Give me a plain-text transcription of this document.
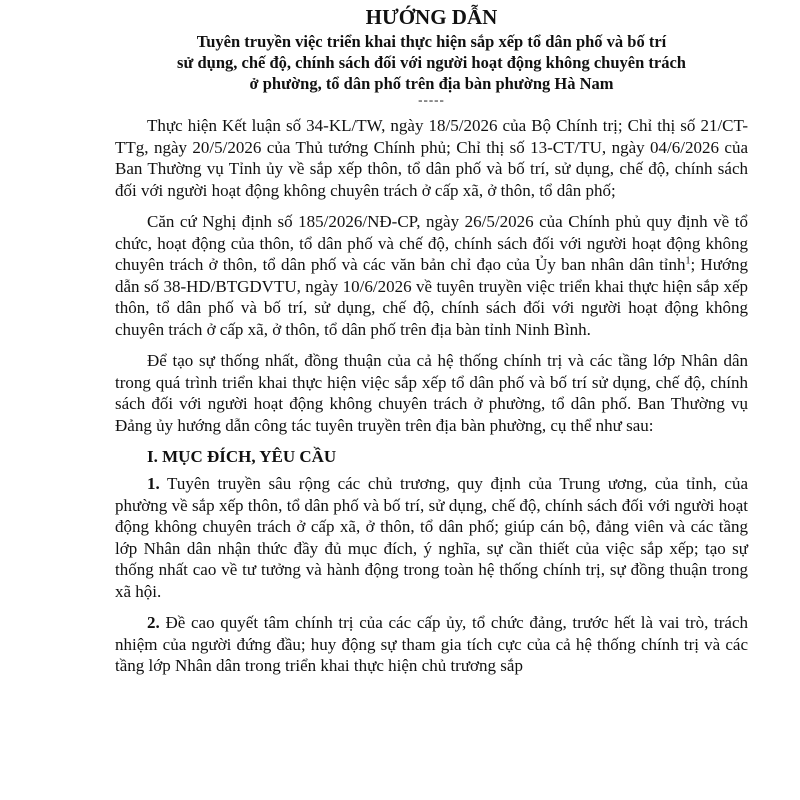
HƯỚNG DẪN
Tuyên truyền việc triển khai thực hiện sắp xếp tổ dân phố và bố trí
sử dụng, chế độ, chính sách đối với người hoạt động không chuyên trách
ở phường, tổ dân phố trên địa bàn phường Hà Nam
-----

Thực hiện Kết luận số 34-KL/TW, ngày 18/5/2026 của Bộ Chính trị; Chỉ thị số 21/CT-TTg, ngày 20/5/2026 của Thủ tướng Chính phủ; Chỉ thị số 13-CT/TU, ngày 04/6/2026 của Ban Thường vụ Tỉnh ủy về sắp xếp thôn, tổ dân phố và bố trí, sử dụng, chế độ, chính sách đối với người hoạt động không chuyên trách ở cấp xã, ở thôn, tổ dân phố;

Căn cứ Nghị định số 185/2026/NĐ-CP, ngày 26/5/2026 của Chính phủ quy định về tổ chức, hoạt động của thôn, tổ dân phố và chế độ, chính sách đối với người hoạt động không chuyên trách ở thôn, tổ dân phố và các văn bản chỉ đạo của Ủy ban nhân dân tỉnh$^1$; Hướng dẫn số 38-HD/BTGDVTU, ngày 10/6/2026 về tuyên truyền việc triển khai thực hiện sắp xếp thôn, tổ dân phố và bố trí, sử dụng, chế độ, chính sách đối với người hoạt động không chuyên trách ở cấp xã, ở thôn, tổ dân phố trên địa bàn tỉnh Ninh Bình.

Để tạo sự thống nhất, đồng thuận của cả hệ thống chính trị và các tầng lớp Nhân dân trong quá trình triển khai thực hiện việc sắp xếp tổ dân phố và bố trí sử dụng, chế độ, chính sách đối với người hoạt động không chuyên trách ở phường, tổ dân phố. Ban Thường vụ Đảng ủy hướng dẫn công tác tuyên truyền trên địa bàn phường, cụ thể như sau:

I. MỤC ĐÍCH, YÊU CẦU

1. Tuyên truyền sâu rộng các chủ trương, quy định của Trung ương, của tỉnh, của phường về sắp xếp thôn, tổ dân phố và bố trí, sử dụng, chế độ, chính sách đối với người hoạt động không chuyên trách ở cấp xã, ở thôn, tổ dân phố; giúp cán bộ, đảng viên và các tầng lớp Nhân dân nhận thức đầy đủ mục đích, ý nghĩa, sự cần thiết của việc sắp xếp; tạo sự thống nhất cao về tư tưởng và hành động trong toàn hệ thống chính trị, sự đồng thuận trong xã hội.

2. Đề cao quyết tâm chính trị của các cấp ủy, tổ chức đảng, trước hết là vai trò, trách nhiệm của người đứng đầu; huy động sự tham gia tích cực của cả hệ thống chính trị và các tầng lớp Nhân dân trong triển khai thực hiện chủ trương sắp
